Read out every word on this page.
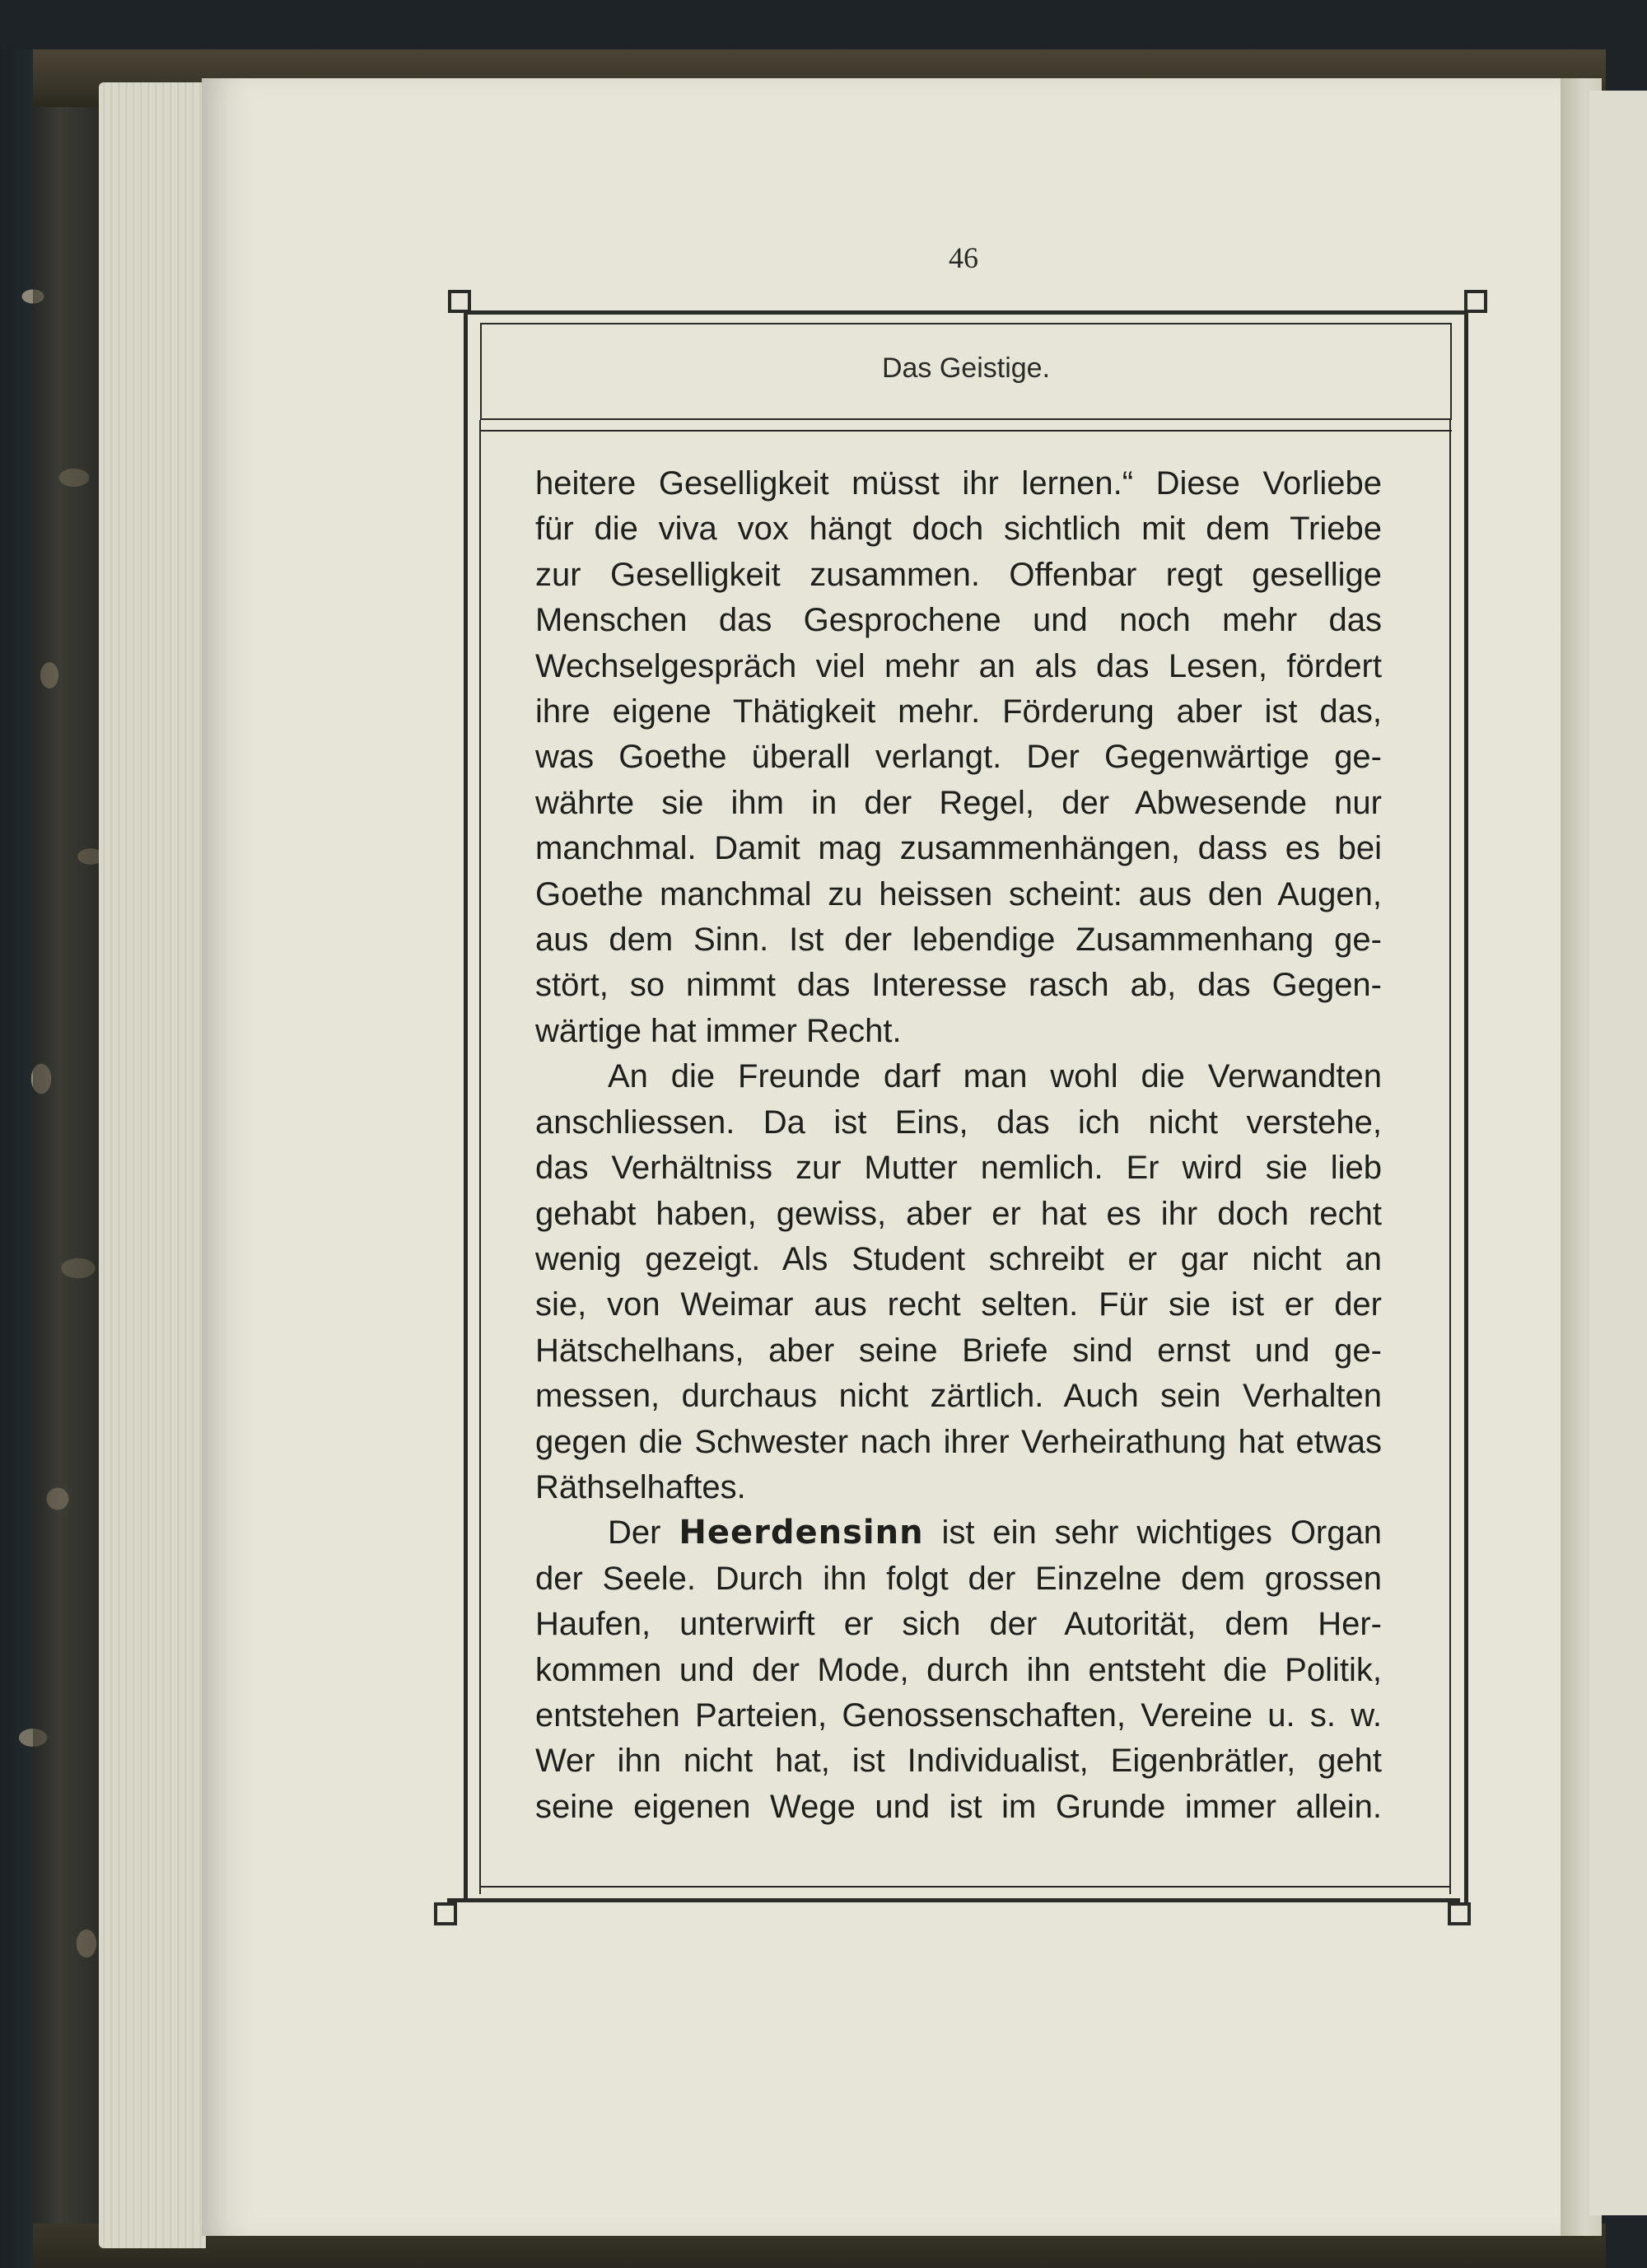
46
Das Geistige.
heitere Geselligkeit müsst ihr lernen.“ Diese Vorliebe
für die viva vox hängt doch sichtlich mit dem Triebe
zur Geselligkeit zusammen. Offenbar regt gesellige
Menschen das Gesprochene und noch mehr das
Wechselgespräch viel mehr an als das Lesen, fördert
ihre eigene Thätigkeit mehr. Förderung aber ist das,
was Goethe überall verlangt. Der Gegenwärtige ge-
währte sie ihm in der Regel, der Abwesende nur
manchmal. Damit mag zusammenhängen, dass es bei
Goethe manchmal zu heissen scheint: aus den Augen,
aus dem Sinn. Ist der lebendige Zusammenhang ge-
stört, so nimmt das Interesse rasch ab, das Gegen-
wärtige hat immer Recht.
An die Freunde darf man wohl die Verwandten
anschliessen. Da ist Eins, das ich nicht verstehe,
das Verhältniss zur Mutter nemlich. Er wird sie lieb
gehabt haben, gewiss, aber er hat es ihr doch recht
wenig gezeigt. Als Student schreibt er gar nicht an
sie, von Weimar aus recht selten. Für sie ist er der
Hätschelhans, aber seine Briefe sind ernst und ge-
messen, durchaus nicht zärtlich. Auch sein Verhalten
gegen die Schwester nach ihrer Verheirathung hat etwas
Räthselhaftes.
Der Heerdensinn ist ein sehr wichtiges Organ
der Seele. Durch ihn folgt der Einzelne dem grossen
Haufen, unterwirft er sich der Autorität, dem Her-
kommen und der Mode, durch ihn entsteht die Politik,
entstehen Parteien, Genossenschaften, Vereine u. s. w.
Wer ihn nicht hat, ist Individualist, Eigenbrätler, geht
seine eigenen Wege und ist im Grunde immer allein.
